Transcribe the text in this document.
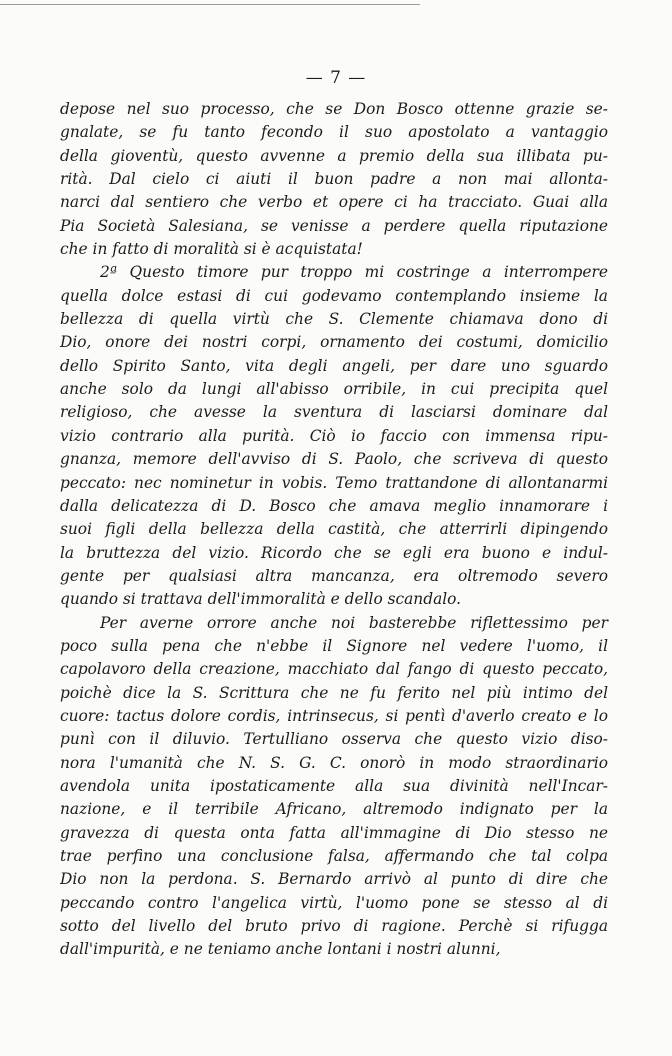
— 7 —

depose nel suo processo, che se Don Bosco ottenne grazie se-
gnalate, se fu tanto fecondo il suo apostolato a vantaggio
della gioventù, questo avvenne a premio della sua illibata pu-
rità. Dal cielo ci aiuti il buon padre a non mai allonta-
narci dal sentiero che verbo et opere ci ha tracciato. Guai alla
Pia Società Salesiana, se venisse a perdere quella riputazione
che in fatto di moralità si è acquistata!

2ª Questo timore pur troppo mi costringe a interrompere
quella dolce estasi di cui godevamo contemplando insieme la
bellezza di quella virtù che S. Clemente chiamava dono di
Dio, onore dei nostri corpi, ornamento dei costumi, domicilio
dello Spirito Santo, vita degli angeli, per dare uno sguardo
anche solo da lungi all'abisso orribile, in cui precipita quel
religioso, che avesse la sventura di lasciarsi dominare dal
vizio contrario alla purità. Ciò io faccio con immensa ripu-
gnanza, memore dell'avviso di S. Paolo, che scriveva di questo
peccato: nec nominetur in vobis. Temo trattandone di allontanarmi
dalla delicatezza di D. Bosco che amava meglio innamorare i
suoi figli della bellezza della castità, che atterrirli dipingendo
la bruttezza del vizio. Ricordo che se egli era buono e indul-
gente per qualsiasi altra mancanza, era oltremodo severo
quando si trattava dell'immoralità e dello scandalo.

Per averne orrore anche noi basterebbe riflettessimo per
poco sulla pena che n'ebbe il Signore nel vedere l'uomo, il
capolavoro della creazione, macchiato dal fango di questo peccato,
poichè dice la S. Scrittura che ne fu ferito nel più intimo del
cuore: tactus dolore cordis, intrinsecus, si pentì d'averlo creato e lo
punì con il diluvio. Tertulliano osserva che questo vizio diso-
nora l'umanità che N. S. G. C. onorò in modo straordinario
avendola unita ipostaticamente alla sua divinità nell'Incar-
nazione, e il terribile Africano, altremodo indignato per la
gravezza di questa onta fatta all'immagine di Dio stesso ne
trae perfino una conclusione falsa, affermando che tal colpa
Dio non la perdona. S. Bernardo arrivò al punto di dire che
peccando contro l'angelica virtù, l'uomo pone se stesso al di
sotto del livello del bruto privo di ragione. Perchè si rifugga
dall'impurità, e ne teniamo anche lontani i nostri alunni,
